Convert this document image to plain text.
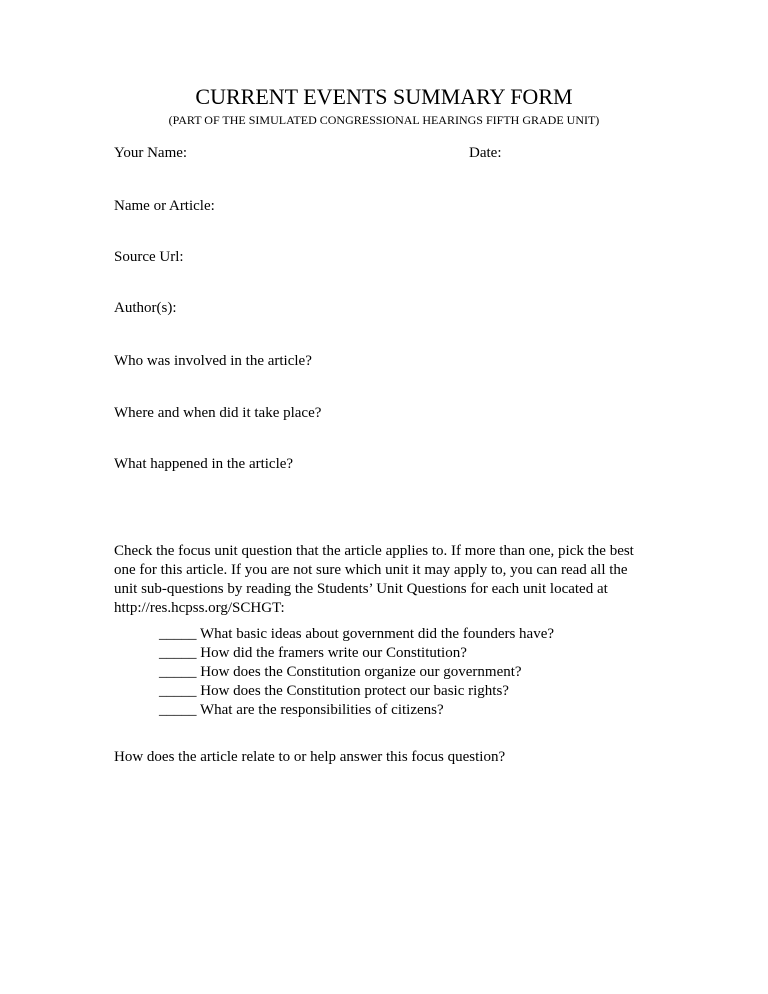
CURRENT EVENTS SUMMARY FORM
(PART OF THE SIMULATED CONGRESSIONAL HEARINGS FIFTH GRADE UNIT)
Your Name:	Date:
Name or Article:
Source Url:
Author(s):
Who was involved in the article?
Where and when did it take place?
What happened in the article?
Check the focus unit question that the article applies to. If more than one, pick the best one for this article. If you are not sure which unit it may apply to, you can read all the unit sub-questions by reading the Students’ Unit Questions for each unit located at http://res.hcpss.org/SCHGT:
_____ What basic ideas about government did the founders have?
_____ How did the framers write our Constitution?
_____ How does the Constitution organize our government?
_____ How does the Constitution protect our basic rights?
_____ What are the responsibilities of citizens?
How does the article relate to or help answer this focus question?
